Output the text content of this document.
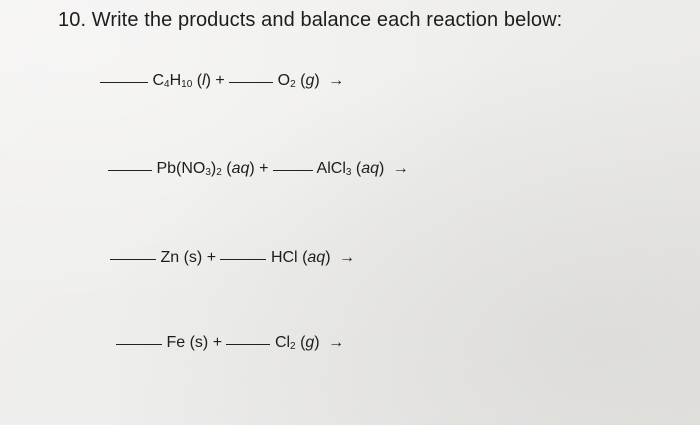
10. Write the products and balance each reaction below:
$C_4H_{10}$ (l) +	$O_2$ (g) →
$Pb(NO_3)_2$ (aq) +	AlCl$_3$ (aq) →
Zn (s) +	HCl (aq) →
Fe (s) +	$Cl_2$ (g) →
